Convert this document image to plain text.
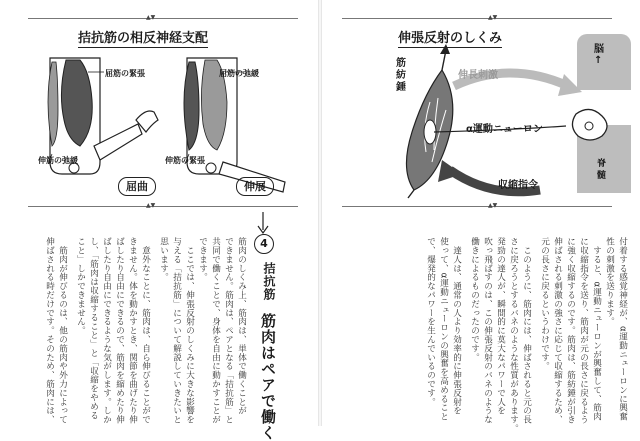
▲▼
拮抗筋の相反神経支配
屈筋の緊張
伸筋の弛緩
屈曲
屈筋の弛緩
伸筋の緊張
伸展
▲▼
4
拮抗筋
筋肉はペアで働く
筋肉のしくみ上、筋肉は、単体で働くことが
できません。筋肉は、ペアとなる「拮抗筋」と
共同で働くことで、身体を自由に動かすことが
できます。
　ここでは、伸張反射のしくみに大きな影響を
与える「拮抗筋」について解説していきたいと
思います。
　意外なことに、筋肉は、自ら伸びることがで
きません。体を動かすとき、関節を曲げたり伸
ばしたり自由にできるので、筋肉を縮めたり伸
ばしたり自由にできるような気がします。しか
し、「筋肉は収縮すること」と「収縮をやめる
こと」しかできません。
　筋肉が伸びるのは、他の筋肉や外力によって
伸ばされる時だけです。そのため、筋肉には、
▲▼
伸張反射のしくみ
脳
↑
脊髄
筋紡錘
伸長刺激
α運動ニューロン
収縮指令
▲▼
付着する感覚神経が、α運動ニューロンに興奮
性の刺激を送ります。
　すると、α運動ニューロンが興奮して、筋肉
に収縮指令を送り、筋肉が元の長さに戻るよう
に強く収縮するのです。筋肉は、筋紡錘が引き
伸ばされる刺激の強さに応じて収縮するため、
元の長さに戻るというわけです。
　このように、筋肉には、伸ばされると元の長
さに戻ろうとするバネのような性質があります。
発勁の達人が、瞬間的に莫大なパワーで人を
吹っ飛ばすのは、この伸張反射のバネのような
働きによるものだったのです。
　達人は、通常の人より効率的に伸張反射を
使って、α運動ニューロンの興奮を高めること
で、爆発的なパワーを生んでいるのです。
